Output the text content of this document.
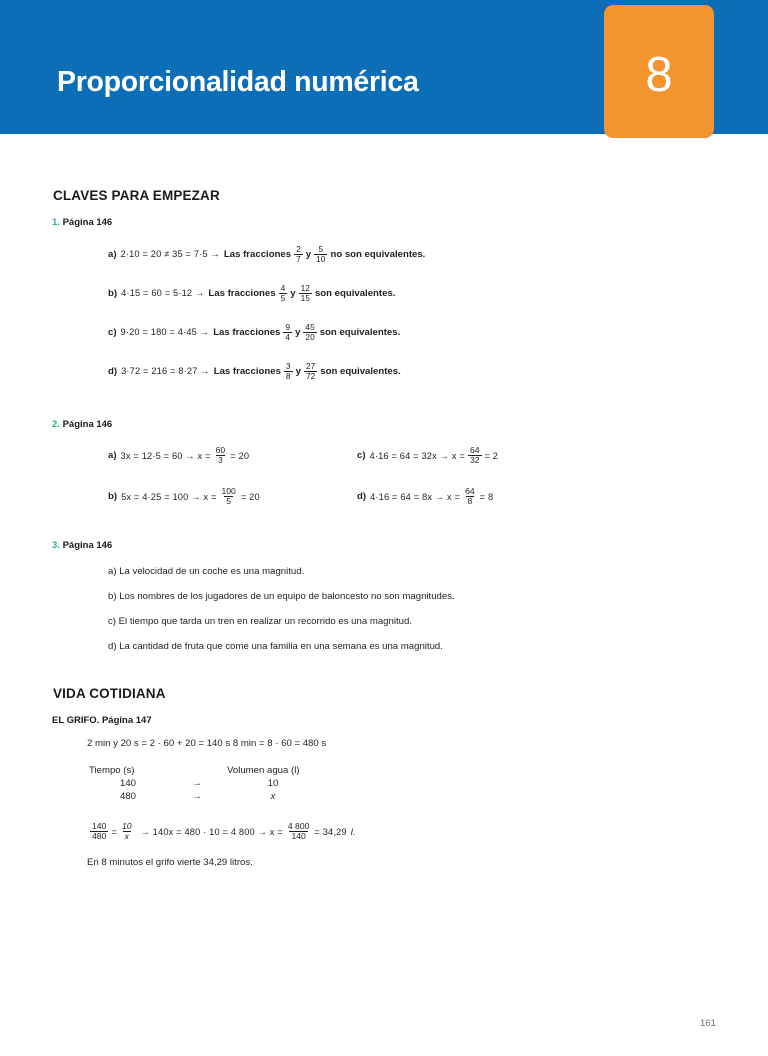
Proporcionalidad numérica	8
CLAVES PARA EMPEZAR
1. Página 146
a) 2·10 = 20 ≠ 35 = 7·5 → Las fracciones $\frac{2}{7}$ y $\frac{5}{10}$ no son equivalentes.
b) 4·15 = 60 = 5·12 → Las fracciones $\frac{4}{5}$ y $\frac{12}{15}$ son equivalentes.
c) 9·20 = 180 = 4·45 → Las fracciones $\frac{9}{4}$ y $\frac{45}{20}$ son equivalentes.
d) 3·72 = 216 = 8·27 → Las fracciones $\frac{3}{8}$ y $\frac{27}{72}$ son equivalentes.
2. Página 146
a) $3x = 12\cdot 5 = 60 \to x = \frac{60}{3} = 20$
b) $5x = 4\cdot 25 = 100 \to x = \frac{100}{5} = 20$
c) $4\cdot 16 = 64 = 32x \to x = \frac{64}{32} = 2$
d) $4\cdot 16 = 64 = 8x \to x = \frac{64}{8} = 8$
3. Página 146
a) La velocidad de un coche es una magnitud.
b) Los nombres de los jugadores de un equipo de baloncesto no son magnitudes.
c) El tiempo que tarda un tren en realizar un recorrido es una magnitud.
d) La cantidad de fruta que come una familia en una semana es una magnitud.
VIDA COTIDIANA
EL GRIFO. Página 147
2 min y 20 s = 2 · 60 + 20 = 140 s 8 min = 8 · 60 = 480 s
Tiempo (s)		Volumen agua (l)
140	→	10
480	→	x
$\frac{140}{480} = \frac{10}{x} \to 140x = 480 \cdot 10 = 4$ $800 \to x = \frac{4 800}{140} = 34,29$ l.
En 8 minutos el grifo vierte 34,29 litros.
161
